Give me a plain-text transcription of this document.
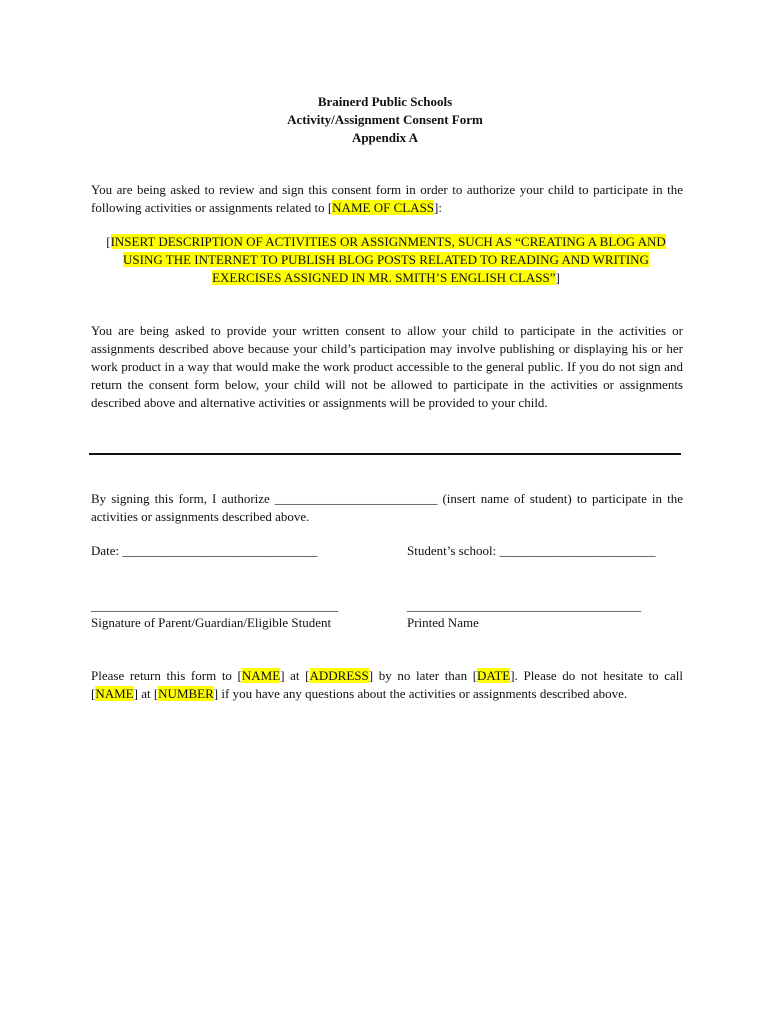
Brainerd Public Schools
Activity/Assignment Consent Form
Appendix A
You are being asked to review and sign this consent form in order to authorize your child to participate in the following activities or assignments related to [NAME OF CLASS]:
[INSERT DESCRIPTION OF ACTIVITIES OR ASSIGNMENTS, SUCH AS “CREATING A BLOG AND USING THE INTERNET TO PUBLISH BLOG POSTS RELATED TO READING AND WRITING EXERCISES ASSIGNED IN MR. SMITH’S ENGLISH CLASS”]
You are being asked to provide your written consent to allow your child to participate in the activities or assignments described above because your child’s participation may involve publishing or displaying his or her work product in a way that would make the work product accessible to the general public. If you do not sign and return the consent form below, your child will not be allowed to participate in the activities or assignments described above and alternative activities or assignments will be provided to your child.
By signing this form, I authorize _________________________ (insert name of student) to participate in the activities or assignments described above.
Date: ______________________________	Student’s school: ________________________
______________________________________	____________________________________
Signature of Parent/Guardian/Eligible Student	Printed Name
Please return this form to [NAME] at [ADDRESS] by no later than [DATE]. Please do not hesitate to call [NAME] at [NUMBER] if you have any questions about the activities or assignments described above.
